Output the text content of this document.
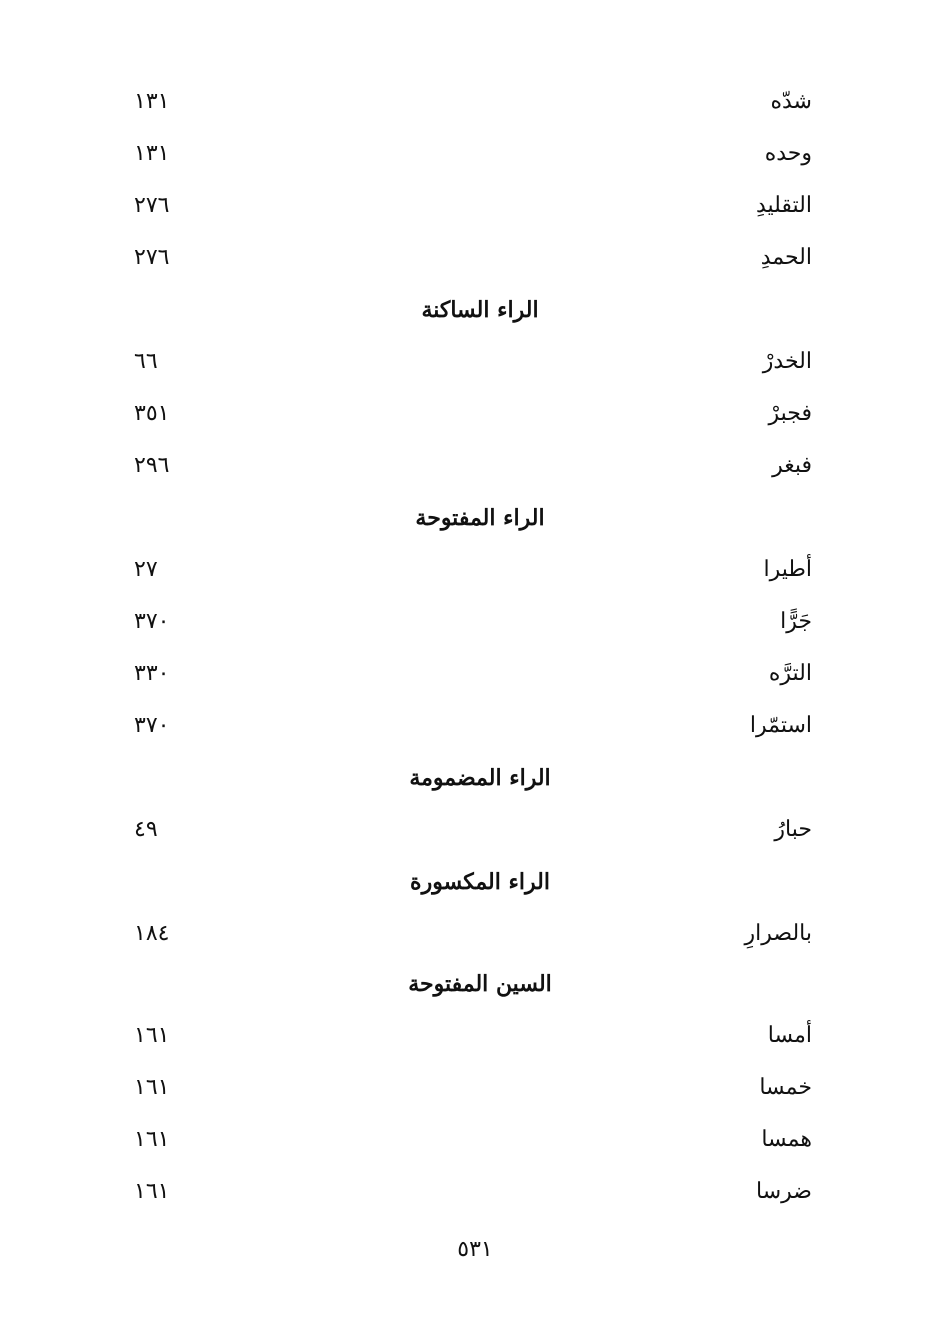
شدّه
١٣١
وحده
١٣١
التقليدِ
٢٧٦
الحمدِ
٢٧٦
الراء الساكنة
الخدرْ
٦٦
فجبرْ
٣٥١
فبغر
٢٩٦
الراء المفتوحة
أطيرا
٢٧
جَرًّا
٣٧٠
الترَّه
٣٣٠
استمّرا
٣٧٠
الراء المضمومة
حبارُ
٤٩
الراء المكسورة
بالصرارِ
١٨٤
السين المفتوحة
أمسا
١٦١
خمسا
١٦١
همسا
١٦١
ضرسا
١٦١
٥٣١
